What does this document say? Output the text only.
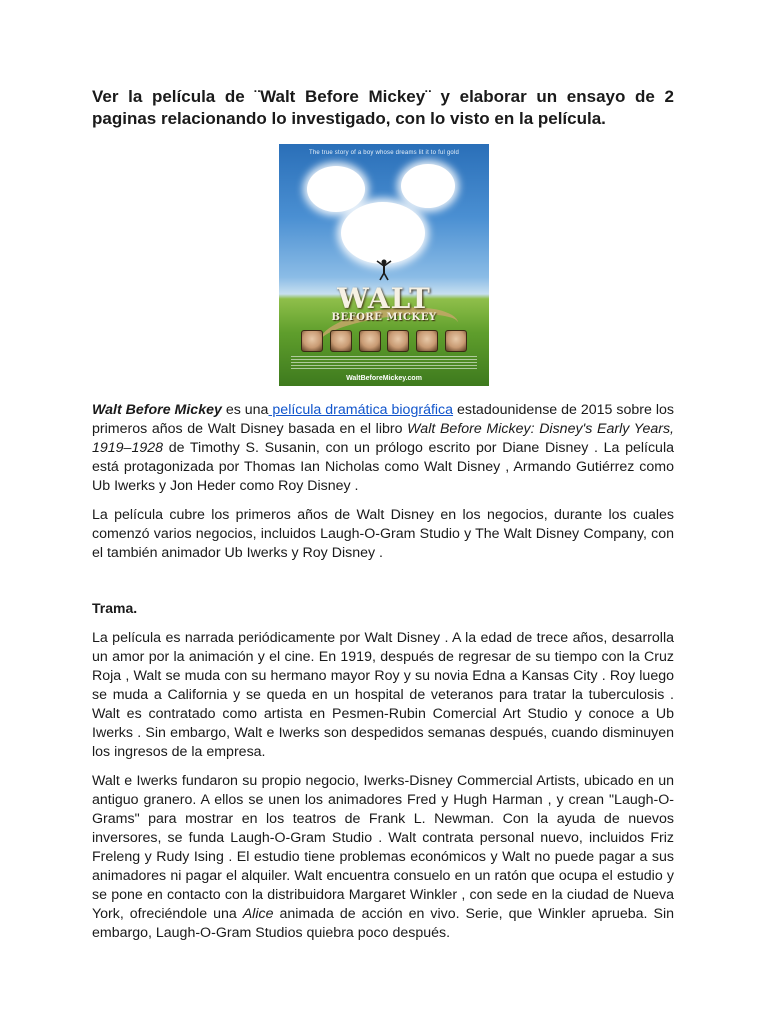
Ver la película de ¨Walt Before Mickey¨ y elaborar un ensayo de 2 paginas relacionando lo investigado, con lo visto en la película.

The true story of a boy whose dreams lit it to ful gold
WALT
BEFORE MICKEY
WaltBeforeMickey.com

Walt Before Mickey es una película dramática biográfica estadounidense de 2015 sobre los primeros años de Walt Disney basada en el libro Walt Before Mickey: Disney's Early Years, 1919–1928 de Timothy S. Susanin, con un prólogo escrito por Diane Disney . La película está protagonizada por Thomas Ian Nicholas como Walt Disney , Armando Gutiérrez como Ub Iwerks y Jon Heder como Roy Disney .

La película cubre los primeros años de Walt Disney en los negocios, durante los cuales comenzó varios negocios, incluidos Laugh-O-Gram Studio y The Walt Disney Company, con el también animador Ub Iwerks y Roy Disney .

Trama.

La película es narrada periódicamente por Walt Disney . A la edad de trece años, desarrolla un amor por la animación y el cine. En 1919, después de regresar de su tiempo con la Cruz Roja , Walt se muda con su hermano mayor Roy y su novia Edna a Kansas City . Roy luego se muda a California y se queda en un hospital de veteranos para tratar la tuberculosis . Walt es contratado como artista en Pesmen-Rubin Comercial Art Studio y conoce a Ub Iwerks . Sin embargo, Walt e Iwerks son despedidos semanas después, cuando disminuyen los ingresos de la empresa.

Walt e Iwerks fundaron su propio negocio, Iwerks-Disney Commercial Artists, ubicado en un antiguo granero. A ellos se unen los animadores Fred y Hugh Harman , y crean "Laugh-O-Grams" para mostrar en los teatros de Frank L. Newman. Con la ayuda de nuevos inversores, se funda Laugh-O-Gram Studio . Walt contrata personal nuevo, incluidos Friz Freleng y Rudy Ising . El estudio tiene problemas económicos y Walt no puede pagar a sus animadores ni pagar el alquiler. Walt encuentra consuelo en un ratón que ocupa el estudio y se pone en contacto con la distribuidora Margaret Winkler , con sede en la ciudad de Nueva York, ofreciéndole una Alice animada de acción en vivo. Serie, que Winkler aprueba. Sin embargo, Laugh-O-Gram Studios quiebra poco después.
